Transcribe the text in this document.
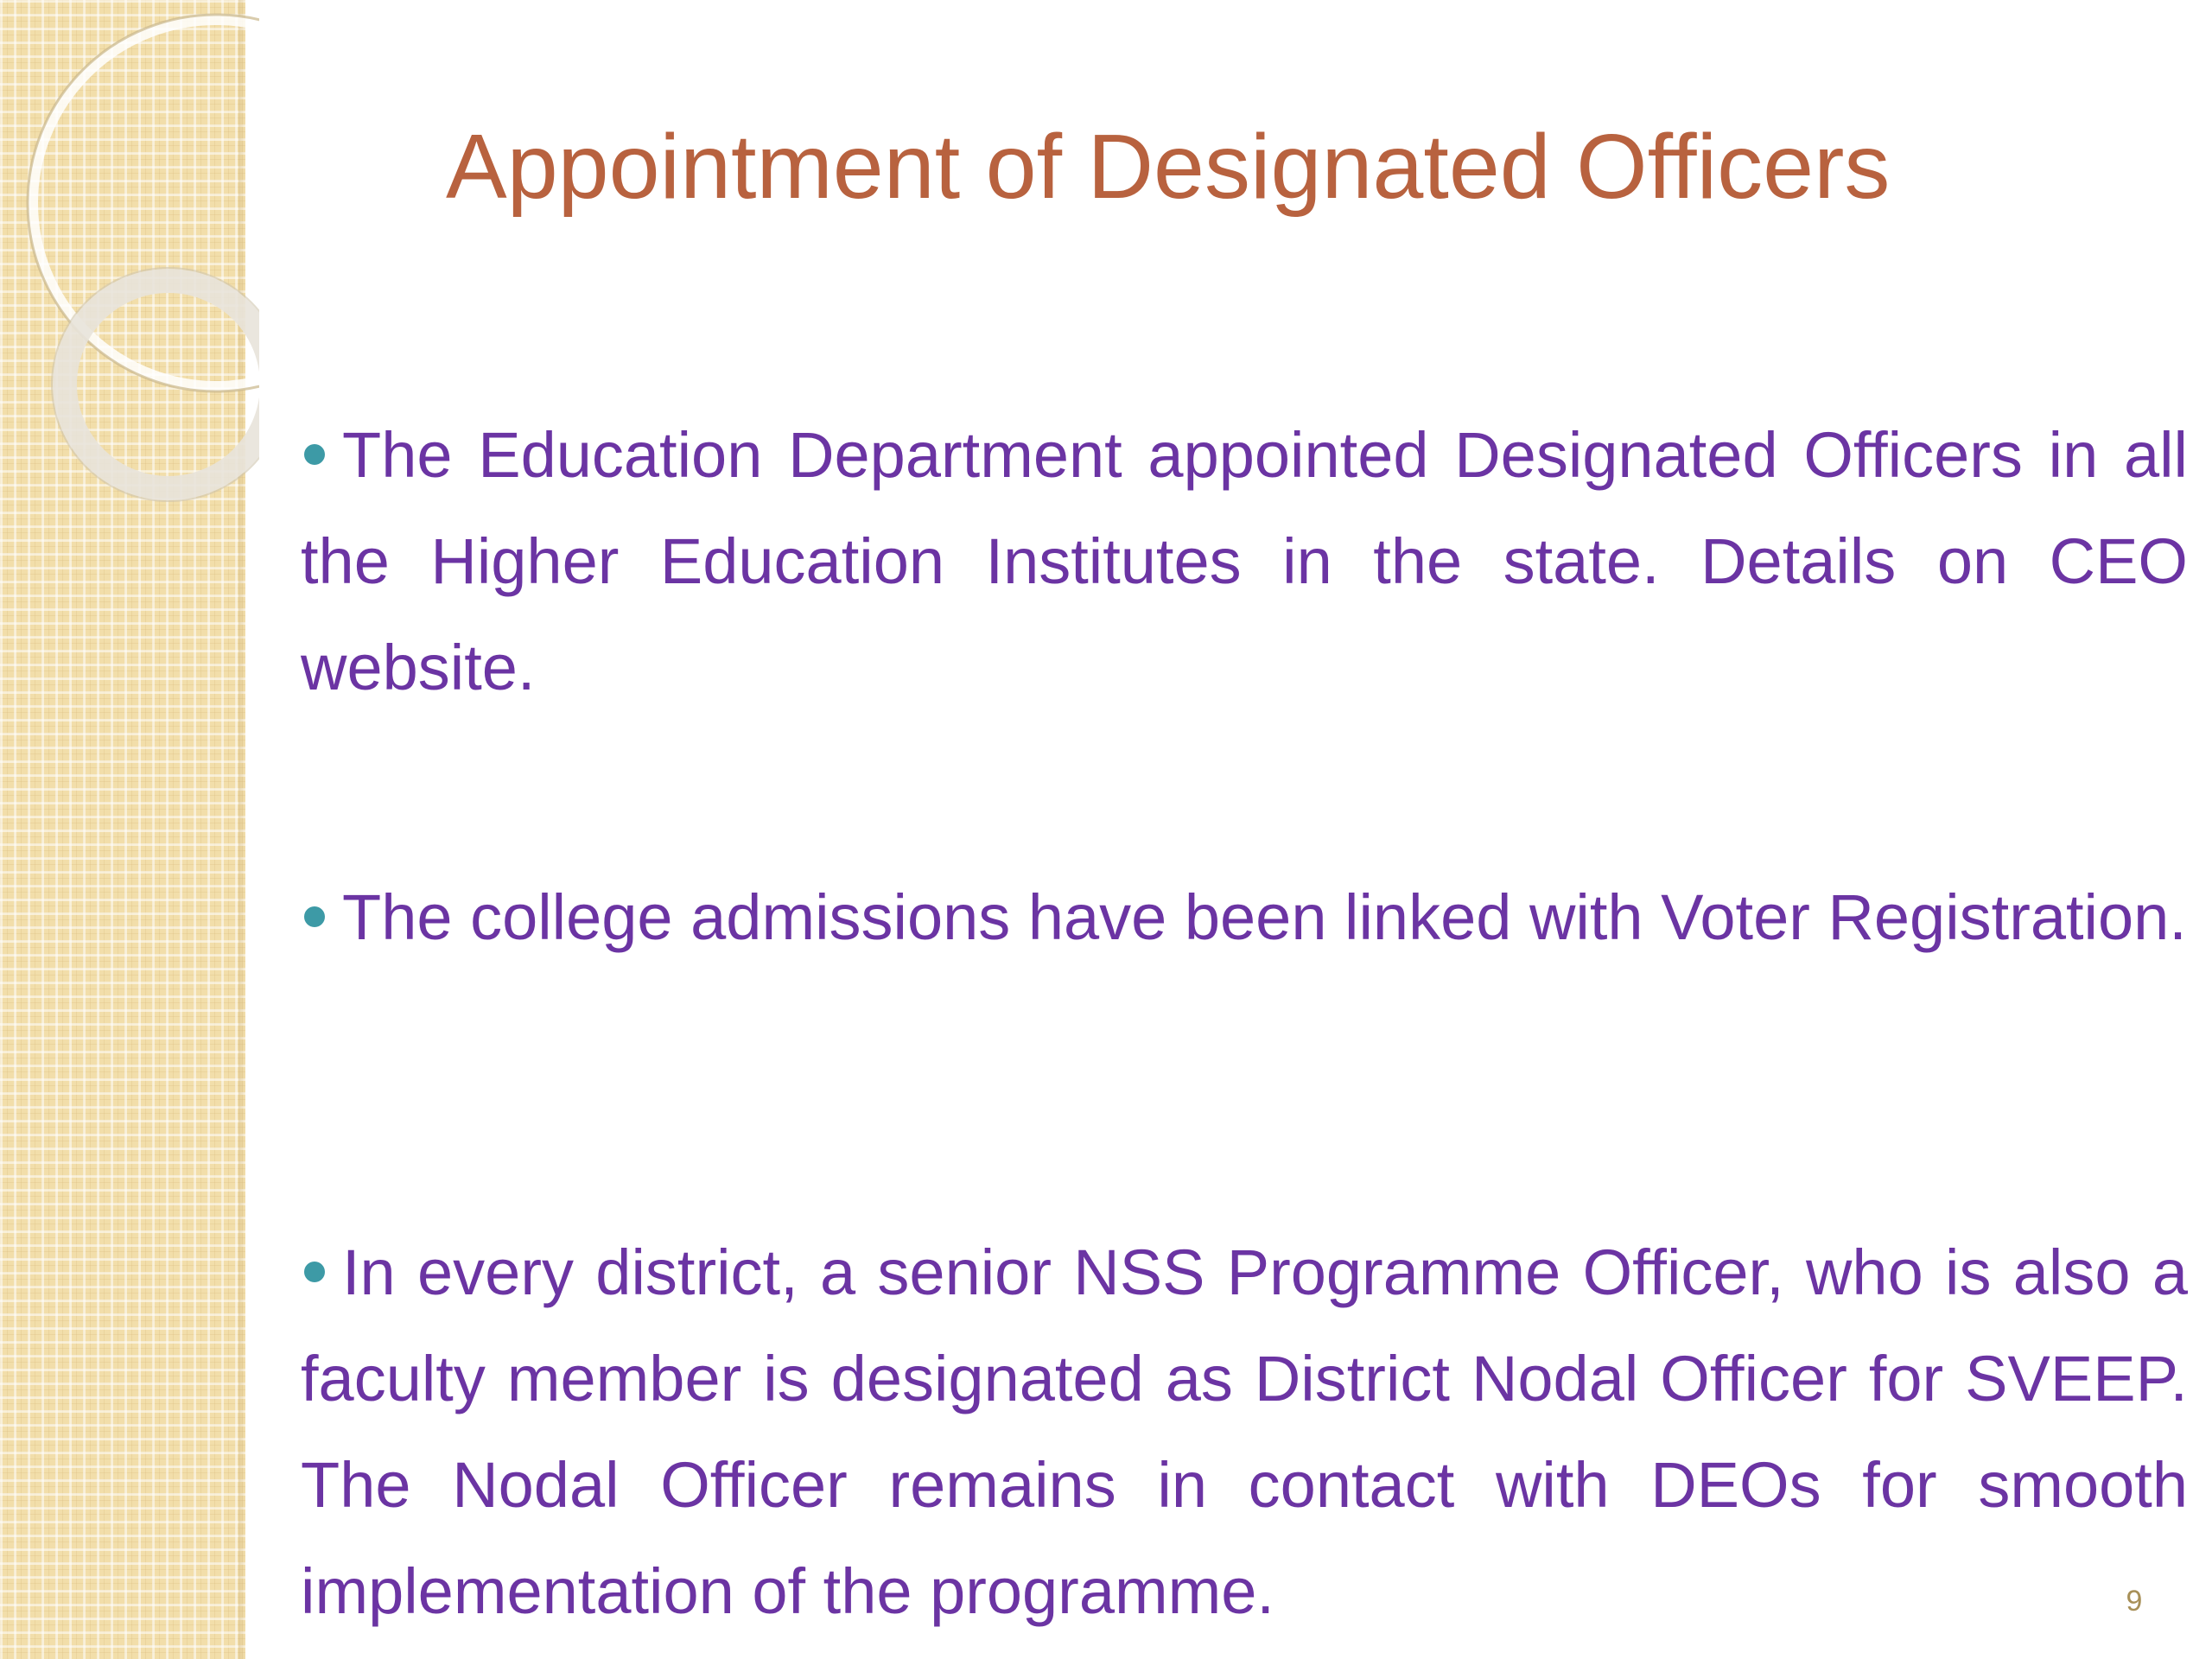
Appointment of Designated Officers

The Education Department appointed Designated Officers in all the Higher Education Institutes in the state. Details on CEO website.

The college admissions have been linked with Voter Registration.

In every district, a senior NSS Programme Officer, who is also a faculty member is designated as District Nodal Officer for SVEEP. The Nodal Officer remains in contact with DEOs for smooth implementation of the programme.	9
